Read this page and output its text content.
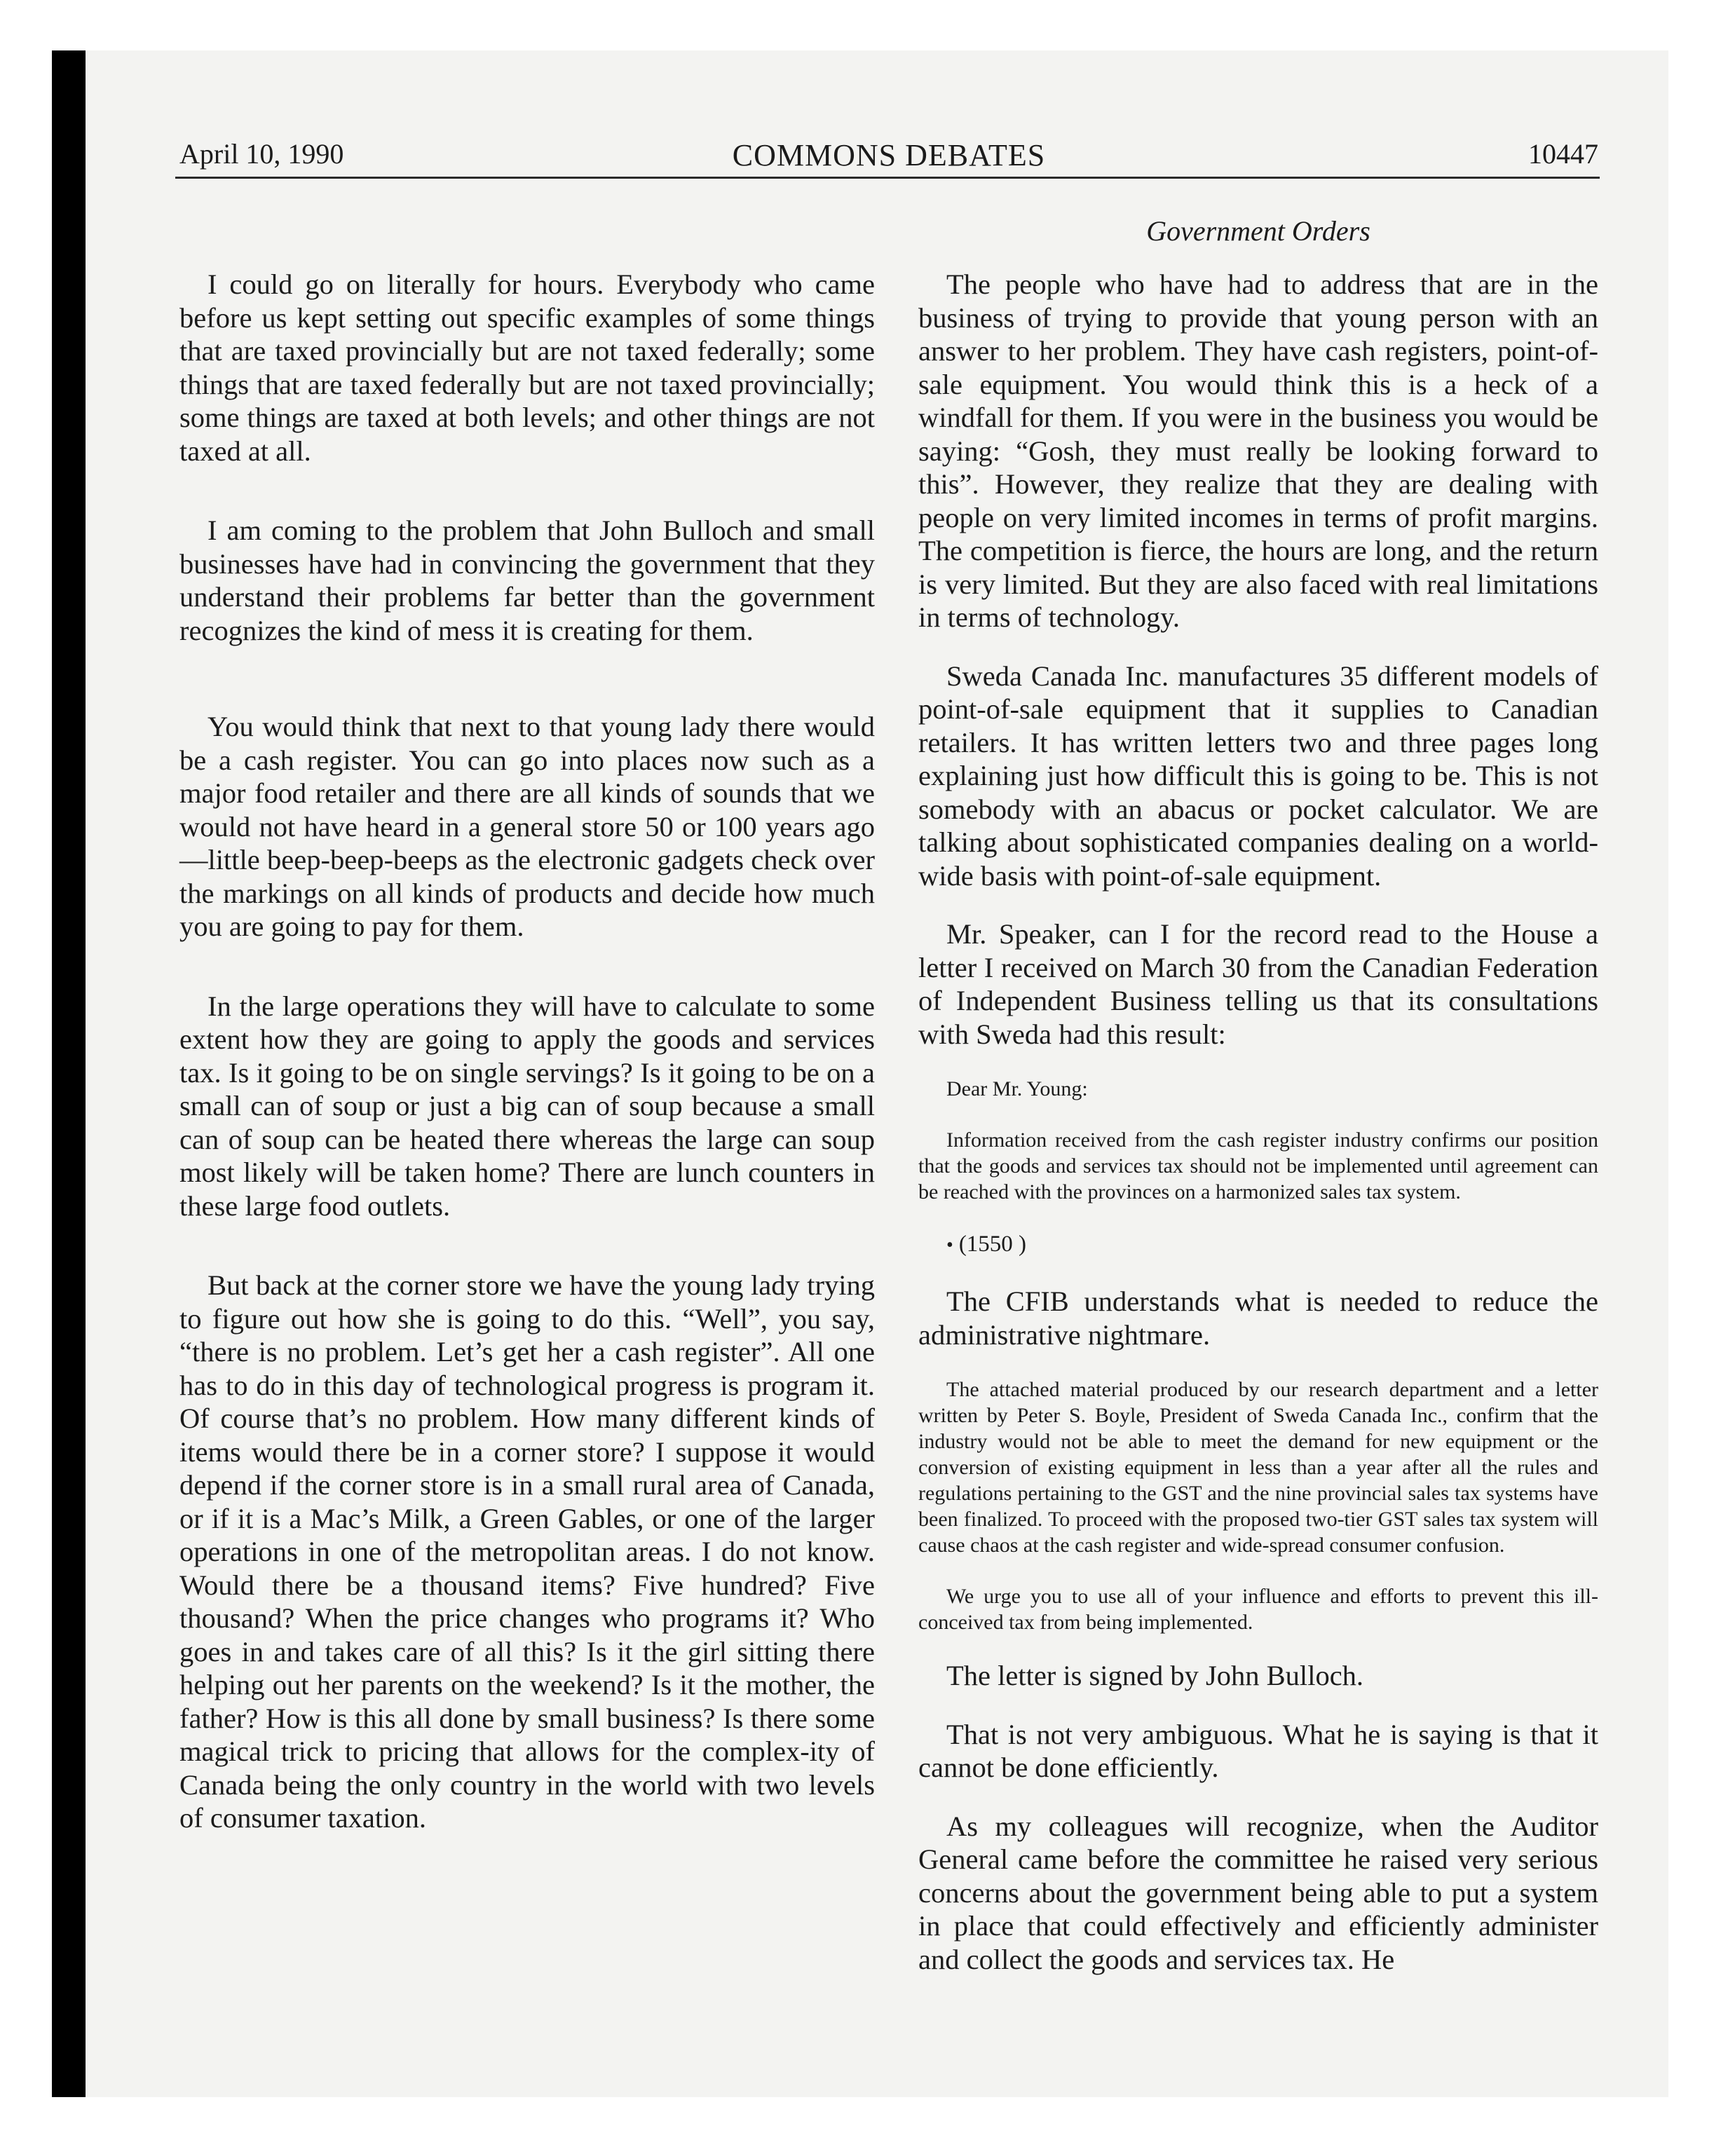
April 10, 1990	COMMONS DEBATES	10447
Government Orders

I could go on literally for hours. Everybody who came before us kept setting out specific examples of some things that are taxed provincially but are not taxed federally; some things that are taxed federally but are not taxed provincially; some things are taxed at both levels; and other things are not taxed at all.

I am coming to the problem that John Bulloch and small businesses have had in convincing the government that they understand their problems far better than the government recognizes the kind of mess it is creating for them.

You would think that next to that young lady there would be a cash register. You can go into places now such as a major food retailer and there are all kinds of sounds that we would not have heard in a general store 50 or 100 years ago—little beep-beep-beeps as the electronic gadgets check over the markings on all kinds of products and decide how much you are going to pay for them.

In the large operations they will have to calculate to some extent how they are going to apply the goods and services tax. Is it going to be on single servings? Is it going to be on a small can of soup or just a big can of soup because a small can of soup can be heated there whereas the large can soup most likely will be taken home? There are lunch counters in these large food outlets.

But back at the corner store we have the young lady trying to figure out how she is going to do this. “Well”, you say, “there is no problem. Let’s get her a cash register”. All one has to do in this day of technological progress is program it. Of course that’s no problem. How many different kinds of items would there be in a corner store? I suppose it would depend if the corner store is in a small rural area of Canada, or if it is a Mac’s Milk, a Green Gables, or one of the larger operations in one of the metropolitan areas. I do not know. Would there be a thousand items? Five hundred? Five thousand? When the price changes who programs it? Who goes in and takes care of all this? Is it the girl sitting there helping out her parents on the weekend? Is it the mother, the father? How is this all done by small business? Is there some magical trick to pricing that allows for the complex-ity of Canada being the only country in the world with two levels of consumer taxation.

The people who have had to address that are in the business of trying to provide that young person with an answer to her problem. They have cash registers, point-of-sale equipment. You would think this is a heck of a windfall for them. If you were in the business you would be saying: “Gosh, they must really be looking forward to this”. However, they realize that they are dealing with people on very limited incomes in terms of profit margins. The competition is fierce, the hours are long, and the return is very limited. But they are also faced with real limitations in terms of technology.

Sweda Canada Inc. manufactures 35 different models of point-of-sale equipment that it supplies to Canadian retailers. It has written letters two and three pages long explaining just how difficult this is going to be. This is not somebody with an abacus or pocket calculator. We are talking about sophisticated companies dealing on a world-wide basis with point-of-sale equipment.

Mr. Speaker, can I for the record read to the House a letter I received on March 30 from the Canadian Federation of Independent Business telling us that its consultations with Sweda had this result:

Dear Mr. Young:

Information received from the cash register industry confirms our position that the goods and services tax should not be implemented until agreement can be reached with the provinces on a harmonized sales tax system.

• (1550 )

The CFIB understands what is needed to reduce the administrative nightmare.

The attached material produced by our research department and a letter written by Peter S. Boyle, President of Sweda Canada Inc., confirm that the industry would not be able to meet the demand for new equipment or the conversion of existing equipment in less than a year after all the rules and regulations pertaining to the GST and the nine provincial sales tax systems have been finalized. To proceed with the proposed two-tier GST sales tax system will cause chaos at the cash register and wide-spread consumer confusion.

We urge you to use all of your influence and efforts to prevent this ill-conceived tax from being implemented.

The letter is signed by John Bulloch.

That is not very ambiguous. What he is saying is that it cannot be done efficiently.

As my colleagues will recognize, when the Auditor General came before the committee he raised very serious concerns about the government being able to put a system in place that could effectively and efficiently administer and collect the goods and services tax. He
